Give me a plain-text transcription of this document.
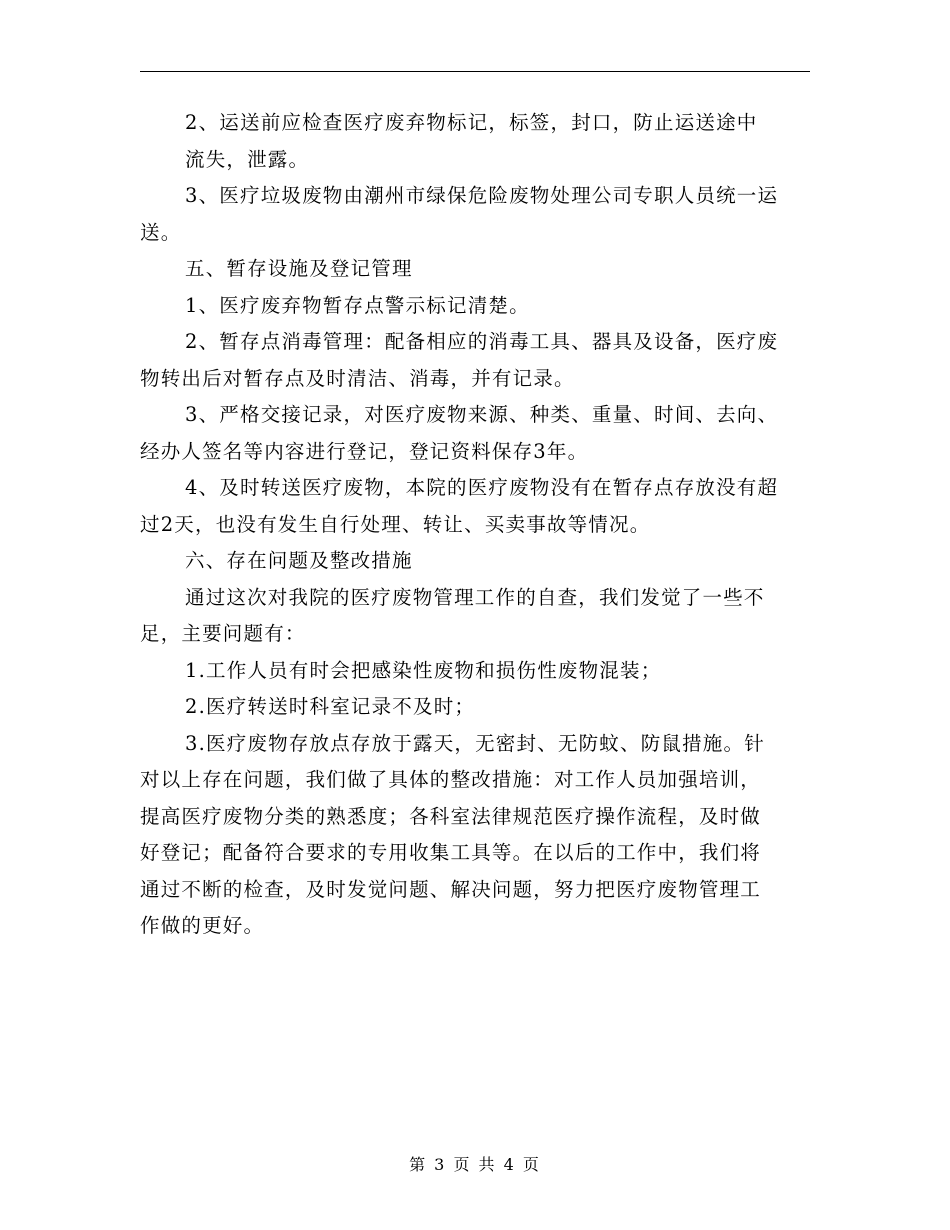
2、运送前应检查医疗废弃物标记，标签，封口，防止运送途中
流失，泄露。
3、医疗垃圾废物由潮州市绿保危险废物处理公司专职人员统一运
送。
五、暂存设施及登记管理
1、医疗废弃物暂存点警示标记清楚。
2、暂存点消毒管理：配备相应的消毒工具、器具及设备，医疗废
物转出后对暂存点及时清洁、消毒，并有记录。
3、严格交接记录，对医疗废物来源、种类、重量、时间、去向、
经办人签名等内容进行登记，登记资料保存3年。
4、及时转送医疗废物，本院的医疗废物没有在暂存点存放没有超
过2天，也没有发生自行处理、转让、买卖事故等情况。
六、存在问题及整改措施
通过这次对我院的医疗废物管理工作的自查，我们发觉了一些不
足，主要问题有：
1.工作人员有时会把感染性废物和损伤性废物混装；
2.医疗转送时科室记录不及时；
3.医疗废物存放点存放于露天，无密封、无防蚊、防鼠措施。针
对以上存在问题，我们做了具体的整改措施：对工作人员加强培训，
提高医疗废物分类的熟悉度；各科室法律规范医疗操作流程，及时做
好登记；配备符合要求的专用收集工具等。在以后的工作中，我们将
通过不断的检查，及时发觉问题、解决问题，努力把医疗废物管理工
作做的更好。
第 3 页 共 4 页
